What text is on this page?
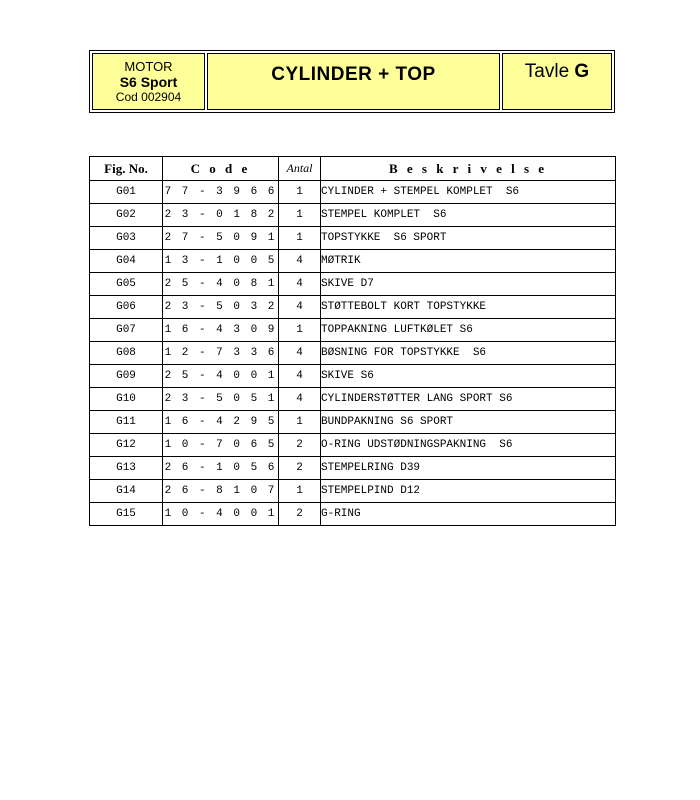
MOTOR
S6 Sport
Cod 002904
CYLINDER + TOP	Tavle G
Fig. No.	C o d e	Antal	B e s k r i v e l s e
G01	7 7 - 3 9 6 6	1	CYLINDER + STEMPEL KOMPLET  S6
G02	2 3 - 0 1 8 2	1	STEMPEL KOMPLET  S6
G03	2 7 - 5 0 9 1	1	TOPSTYKKE  S6 SPORT
G04	1 3 - 1 0 0 5	4	MØTRIK
G05	2 5 - 4 0 8 1	4	SKIVE D7
G06	2 3 - 5 0 3 2	4	STØTTEBOLT KORT TOPSTYKKE
G07	1 6 - 4 3 0 9	1	TOPPAKNING LUFTKØLET S6
G08	1 2 - 7 3 3 6	4	BØSNING FOR TOPSTYKKE  S6
G09	2 5 - 4 0 0 1	4	SKIVE S6
G10	2 3 - 5 0 5 1	4	CYLINDERSTØTTER LANG SPORT S6
G11	1 6 - 4 2 9 5	1	BUNDPAKNING S6 SPORT
G12	1 0 - 7 0 6 5	2	O-RING UDSTØDNINGSPAKNING  S6
G13	2 6 - 1 0 5 6	2	STEMPELRING D39
G14	2 6 - 8 1 0 7	1	STEMPELPIND D12
G15	1 0 - 4 0 0 1	2	G-RING
